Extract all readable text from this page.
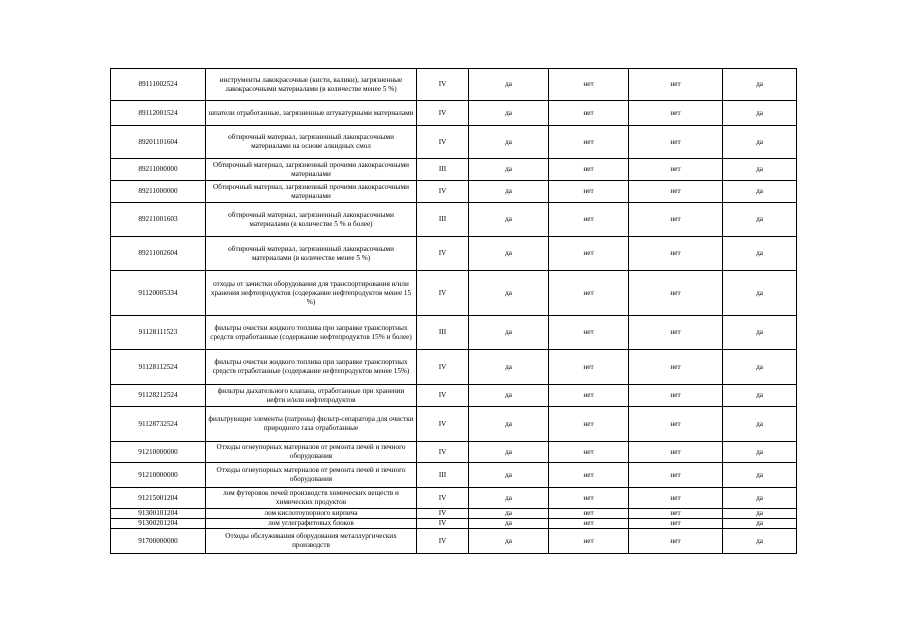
89111002524	инструменты лакокрасочные (кисти, валики), загрязненные лакокрасочными материалами (в количестве менее 5 %)	IV	да	нет	нет	да
89112001524	шпатели отработанные, загрязненные штукатурными материалами	IV	да	нет	нет	да
89201101604	обтирочный материал, загрязненный лакокрасочными материалами на основе алкидных смол	IV	да	нет	нет	да
89211000000	Обтирочный материал, загрязненный прочими лакокрасочными материалами	III	да	нет	нет	да
89211000000	Обтирочный материал, загрязненный прочими лакокрасочными материалами	IV	да	нет	нет	да
89211001603	обтирочный материал, загрязненный лакокрасочными материалами (в количестве 5 % и более)	III	да	нет	нет	да
89211002604	обтирочный материал, загрязненный лакокрасочными материалами (в количестве менее 5 %)	IV	да	нет	нет	да
91120005334	отходы от зачистки оборудования для транспортирования и/или хранения нефтепродуктов (содержание нефтепродуктов менее 15 %)	IV	да	нет	нет	да
91128111523	фильтры очистки жидкого топлива при заправке транспортных средств отработанные (содержание нефтепродуктов 15% и более)	III	да	нет	нет	да
91128112524	фильтры очистки жидкого топлива при заправке транспортных средств отработанные (содержание нефтепродуктов менее 15%)	IV	да	нет	нет	да
91128212524	фильтры дыхательного клапана, отработанные при хранении нефти и/или нефтепродуктов	IV	да	нет	нет	да
91128732524	фильтрующие элементы (патроны) фильтр-сепаратора для очистки природного газа отработанные	IV	да	нет	нет	да
91210000000	Отходы огнеупорных материалов от ремонта печей и печного оборудования	IV	да	нет	нет	да
91210000000	Отходы огнеупорных материалов от ремонта печей и печного оборудования	III	да	нет	нет	да
91215001204	лом футеровок печей производств химических веществ и химических продуктов	IV	да	нет	нет	да
91300101204	лом кислотоупорного кирпича	IV	да	нет	нет	да
91300201204	лом углеграфитовых блоков	IV	да	нет	нет	да
91700000000	Отходы обслуживания оборудования металлургических производств	IV	да	нет	нет	да
